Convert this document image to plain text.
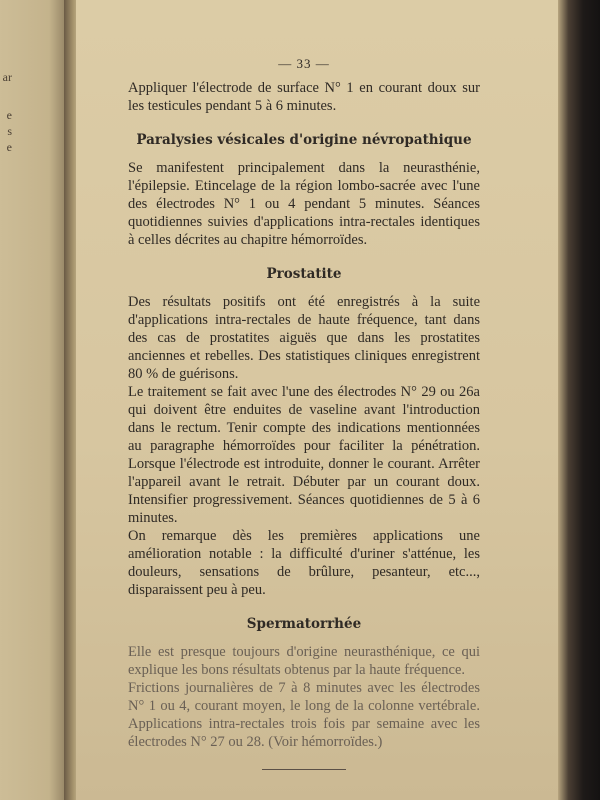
ar
e
s
e
— 33 —

Appliquer l'électrode de surface N° 1 en courant doux sur les testicules pendant 5 à 6 minutes.

Paralysies vésicales d'origine névropathique

Se manifestent principalement dans la neurasthénie, l'épilepsie. Etincelage de la région lombo-sacrée avec l'une des électrodes N° 1 ou 4 pendant 5 minutes. Séances quotidiennes suivies d'applications intra-rectales identiques à celles décrites au chapitre hémorroïdes.

Prostatite

Des résultats positifs ont été enregistrés à la suite d'applications intra-rectales de haute fréquence, tant dans des cas de prostatites aiguës que dans les prostatites anciennes et rebelles. Des statistiques cliniques enregistrent 80 % de guérisons.

Le traitement se fait avec l'une des électrodes N° 29 ou 26a qui doivent être enduites de vaseline avant l'introduction dans le rectum. Tenir compte des indications mentionnées au paragraphe hémorroïdes pour faciliter la pénétration. Lorsque l'électrode est introduite, donner le courant. Arrêter l'appareil avant le retrait. Débuter par un courant doux. Intensifier progressivement. Séances quotidiennes de 5 à 6 minutes.

On remarque dès les premières applications une amélioration notable : la difficulté d'uriner s'atténue, les douleurs, sensations de brûlure, pesanteur, etc..., disparaissent peu à peu.

Spermatorrhée

Elle est presque toujours d'origine neurasthénique, ce qui explique les bons résultats obtenus par la haute fréquence.

Frictions journalières de 7 à 8 minutes avec les électrodes N° 1 ou 4, courant moyen, le long de la colonne vertébrale. Applications intra-rectales trois fois par semaine avec les électrodes N° 27 ou 28. (Voir hémorroïdes.)
